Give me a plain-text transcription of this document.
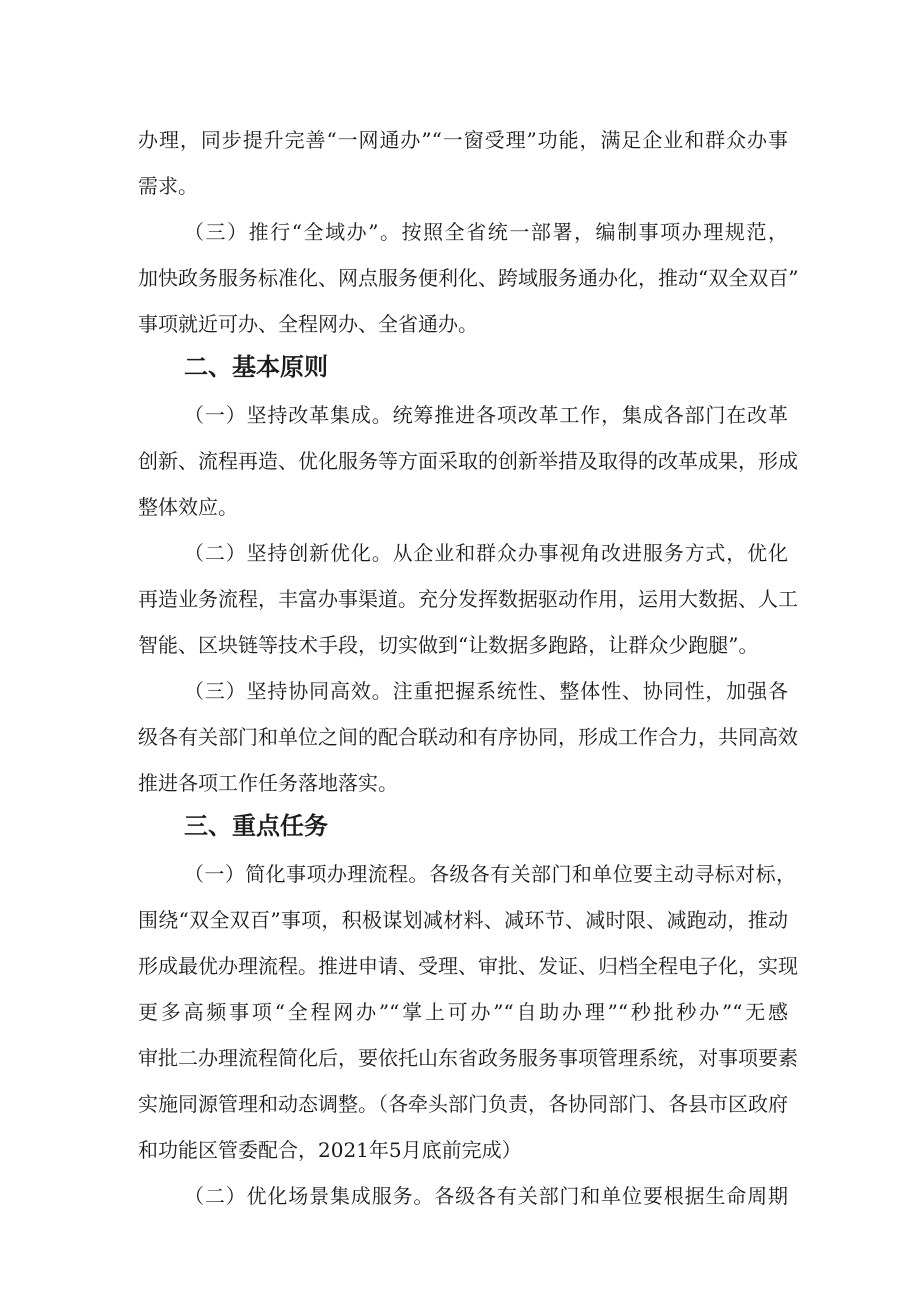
办理，同步提升完善“一网通办”“一窗受理”功能，满足企业和群众办事
需求。
（三）推行“全域办”。按照全省统一部署，编制事项办理规范，
加快政务服务标准化、网点服务便利化、跨域服务通办化，推动“双全双百”
事项就近可办、全程网办、全省通办。
二、基本原则
（一）坚持改革集成。统筹推进各项改革工作，集成各部门在改革
创新、流程再造、优化服务等方面采取的创新举措及取得的改革成果，形成
整体效应。
（二）坚持创新优化。从企业和群众办事视角改进服务方式，优化
再造业务流程，丰富办事渠道。充分发挥数据驱动作用，运用大数据、人工
智能、区块链等技术手段，切实做到“让数据多跑路，让群众少跑腿”。
（三）坚持协同高效。注重把握系统性、整体性、协同性，加强各
级各有关部门和单位之间的配合联动和有序协同，形成工作合力，共同高效
推进各项工作任务落地落实。
三、重点任务
（一）简化事项办理流程。各级各有关部门和单位要主动寻标对标，
围绕“双全双百”事项，积极谋划减材料、减环节、减时限、减跑动，推动
形成最优办理流程。推进申请、受理、审批、发证、归档全程电子化，实现
更多高频事项“全程网办”“掌上可办”“自助办理”“秒批秒办”“无感
审批二办理流程简化后，要依托山东省政务服务事项管理系统，对事项要素
实施同源管理和动态调整。（各牵头部门负责，各协同部门、各县市区政府
和功能区管委配合，2021年5月底前完成）
（二）优化场景集成服务。各级各有关部门和单位要根据生命周期
